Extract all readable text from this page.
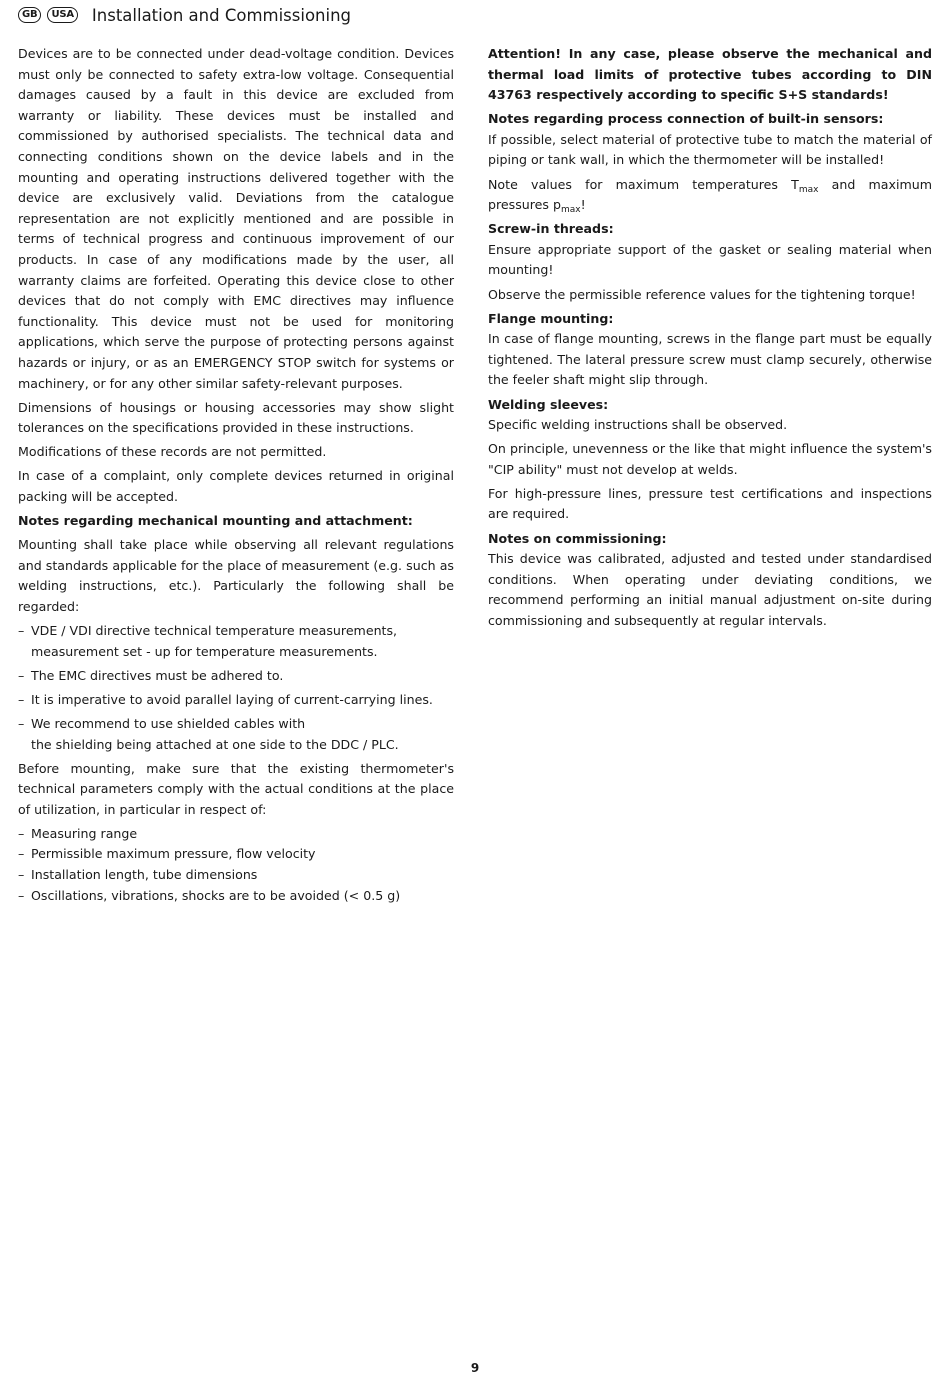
GB	USA Installation and Commissioning

Devices are to be connected under dead-voltage condition. Devices must only be connected to safety extra-low voltage. Consequential damages caused by a fault in this device are excluded from warranty or liability. These devices must be installed and commissioned by authorised specialists. The technical data and connecting conditions shown on the device labels and in the mounting and operating instructions delivered together with the device are exclusively valid. Deviations from the catalogue representation are not explicitly mentioned and are possible in terms of technical progress and continuous improvement of our products. In case of any modifications made by the user, all warranty claims are forfeited. Operating this device close to other devices that do not comply with EMC directives may influence functionality. This device must not be used for monitoring applications, which serve the purpose of protecting persons against hazards or injury, or as an EMERGENCY STOP switch for systems or machinery, or for any other similar safety-relevant purposes.

Dimensions of housings or housing accessories may show slight tolerances on the specifications provided in these instructions.

Modifications of these records are not permitted.

In case of a complaint, only complete devices returned in original packing will be accepted.

Notes regarding mechanical mounting and attachment:

Mounting shall take place while observing all relevant regulations and standards applicable for the place of measurement (e.g. such as welding instructions, etc.). Particularly the following shall be regarded:

– VDE / VDI directive technical temperature measurements,
measurement set - up for temperature measurements.
– The EMC directives must be adhered to.
– It is imperative to avoid parallel laying of current-carrying lines.
– We recommend to use shielded cables with
the shielding being attached at one side to the DDC / PLC.

Before mounting, make sure that the existing thermometer's technical parameters comply with the actual conditions at the place of utilization, in particular in respect of:

– Measuring range
– Permissible maximum pressure, flow velocity
– Installation length, tube dimensions
– Oscillations, vibrations, shocks are to be avoided (< 0.5 g)

Attention! In any case, please observe the mechanical and thermal load limits of protective tubes according to DIN 43763 respectively according to specific S+S standards!

Notes regarding process connection of built-in sensors:

If possible, select material of protective tube to match the material of piping or tank wall, in which the thermometer will be installed!

Note values for maximum temperatures $T_{max}$ and maximum pressures $p_{max}$!

Screw-in threads:

Ensure appropriate support of the gasket or sealing material when mounting!

Observe the permissible reference values for the tightening torque!

Flange mounting:

In case of flange mounting, screws in the flange part must be equally tightened. The lateral pressure screw must clamp securely, otherwise the feeler shaft might slip through.

Welding sleeves:

Specific welding instructions shall be observed.

On principle, unevenness or the like that might influence the system's "CIP ability" must not develop at welds.

For high-pressure lines, pressure test certifications and inspections are required.

Notes on commissioning:

This device was calibrated, adjusted and tested under standardised conditions. When operating under deviating conditions, we recommend performing an initial manual adjustment on-site during commissioning and subsequently at regular intervals.

9
